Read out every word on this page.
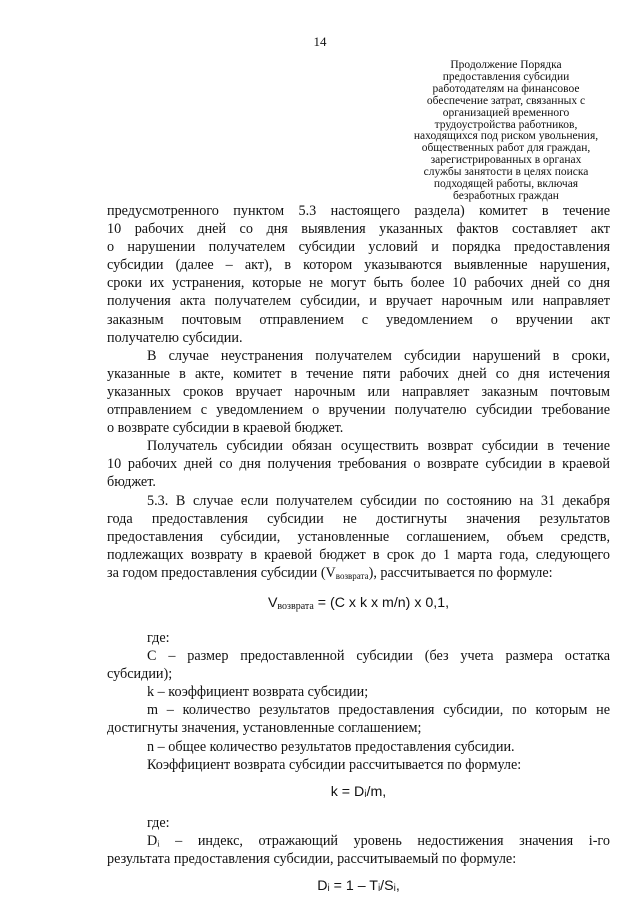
14
Продолжение Порядка
предоставления субсидии
работодателям на финансовое
обеспечение затрат, связанных с
организацией временного
трудоустройства работников,
находящихся под риском увольнения,
общественных работ для граждан,
зарегистрированных в органах
службы занятости в целях поиска
подходящей работы, включая
безработных граждан
предусмотренного пунктом 5.3 настоящего раздела) комитет в течение
10 рабочих дней со дня выявления указанных фактов составляет акт
о нарушении получателем субсидии условий и порядка предоставления
субсидии (далее – акт), в котором указываются выявленные нарушения,
сроки их устранения, которые не могут быть более 10 рабочих дней со дня
получения акта получателем субсидии, и вручает нарочным или направляет
заказным почтовым отправлением с уведомлением о вручении акт
получателю субсидии.
В случае неустранения получателем субсидии нарушений в сроки,
указанные в акте, комитет в течение пяти рабочих дней со дня истечения
указанных сроков вручает нарочным или направляет заказным почтовым
отправлением с уведомлением о вручении получателю субсидии требование
о возврате субсидии в краевой бюджет.
Получатель субсидии обязан осуществить возврат субсидии в течение
10 рабочих дней со дня получения требования о возврате субсидии в краевой
бюджет.
5.3. В случае если получателем субсидии по состоянию на 31 декабря
года предоставления субсидии не достигнуты значения результатов
предоставления субсидии, установленные соглашением, объем средств,
подлежащих возврату в краевой бюджет в срок до 1 марта года, следующего
за годом предоставления субсидии $(V_{возврата})$, рассчитывается по формуле:
$V_{возврата} = (C$ x k x m/n) x 0,1,
где:
C – размер предоставленной субсидии (без учета размера остатка
субсидии);
k – коэффициент возврата субсидии;
m – количество результатов предоставления субсидии, по которым не
достигнуты значения, установленные соглашением;
n – общее количество результатов предоставления субсидии.
Коэффициент возврата субсидии рассчитывается по формуле:
k = Dᵢ/m,
где:
Dᵢ – индекс, отражающий уровень недостижения значения i-го
результата предоставления субсидии, рассчитываемый по формуле:
Dᵢ = 1 – Tᵢ/Sᵢ,
